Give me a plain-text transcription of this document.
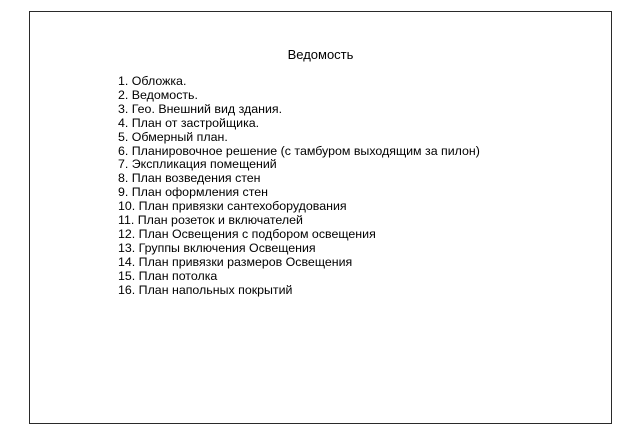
Ведомость
1. Обложка.
2. Ведомость.
3. Гео. Внешний вид здания.
4. План от застройщика.
5. Обмерный план.
6. Планировочное решение (с тамбуром выходящим за пилон)
7. Экспликация помещений
8. План возведения стен
9. План оформления стен
10. План привязки сантехоборудования
11. План розеток и включателей
12. План Освещения с подбором освещения
13. Группы включения Освещения
14. План привязки размеров Освещения
15. План потолка
16. План напольных покрытий
